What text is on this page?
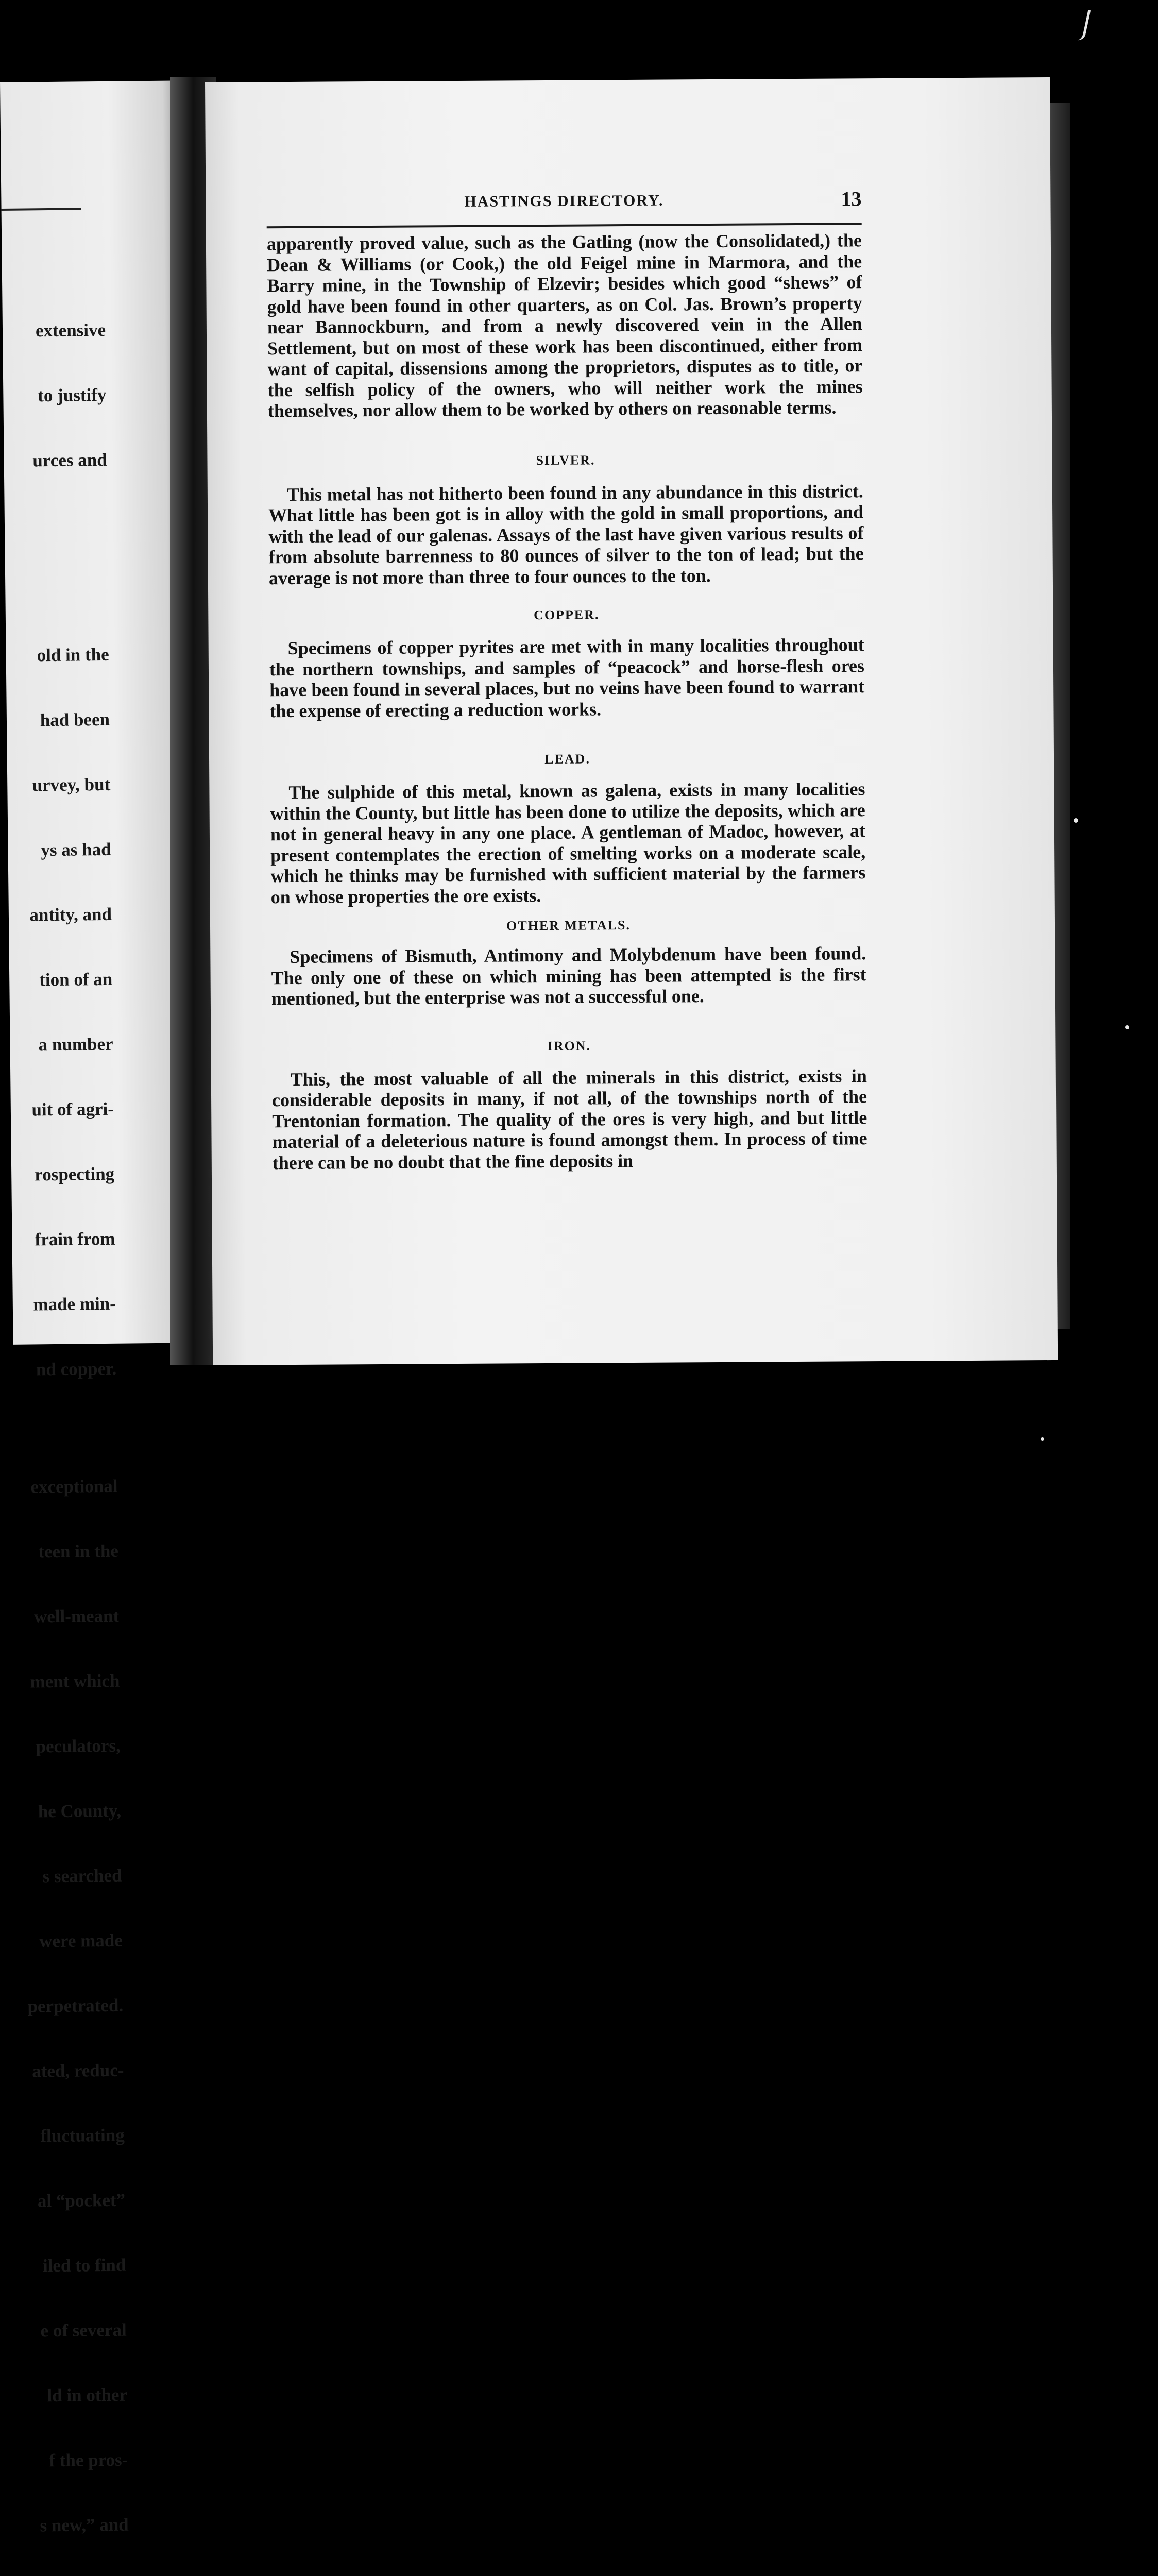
extensive

to justify

urces and

old in the

had been

urvey, but

ys as had

antity, and

tion of an

a number

uit of agri-

rospecting

frain from

made min-

nd copper.

exceptional

teen in the

well-meant

ment which

peculators,

he County,

s searched

were made

perpetrated.

ated, reduc-

fluctuating

al “pocket”

iled to find

e of several

ld in other

f the pros-

s new,” and

HASTINGS DIRECTORY.	13

apparently proved value, such as the Gatling (now the Consolidated,) the Dean & Williams (or Cook,) the old Feigel mine in Marmora, and the Barry mine, in the Township of Elzevir; besides which good “shews” of gold have been found in other quarters, as on Col. Jas. Brown’s property near Bannockburn, and from a newly discovered vein in the Allen Settlement, but on most of these work has been discontinued, either from want of capital, dissensions among the proprietors, disputes as to title, or the selfish policy of the owners, who will neither work the mines themselves, nor allow them to be worked by others on reasonable terms.

SILVER.

This metal has not hitherto been found in any abundance in this district. What little has been got is in alloy with the gold in small proportions, and with the lead of our galenas. Assays of the last have given various results of from absolute barrenness to 80 ounces of silver to the ton of lead; but the average is not more than three to four ounces to the ton.

COPPER.

Specimens of copper pyrites are met with in many localities throughout the northern townships, and samples of “peacock” and horse-flesh ores have been found in several places, but no veins have been found to warrant the expense of erecting a reduction works.

LEAD.

The sulphide of this metal, known as galena, exists in many localities within the County, but little has been done to utilize the deposits, which are not in general heavy in any one place. A gentleman of Madoc, however, at present contemplates the erection of smelting works on a moderate scale, which he thinks may be furnished with sufficient material by the farmers on whose properties the ore exists.

OTHER METALS.

Specimens of Bismuth, Antimony and Molybdenum have been found. The only one of these on which mining has been attempted is the first mentioned, but the enterprise was not a successful one.

IRON.

This, the most valuable of all the minerals in this district, exists in considerable deposits in many, if not all, of the townships north of the Trentonian formation. The quality of the ores is very high, and but little material of a deleterious nature is found amongst them. In process of time there can be no doubt that the fine deposits in
